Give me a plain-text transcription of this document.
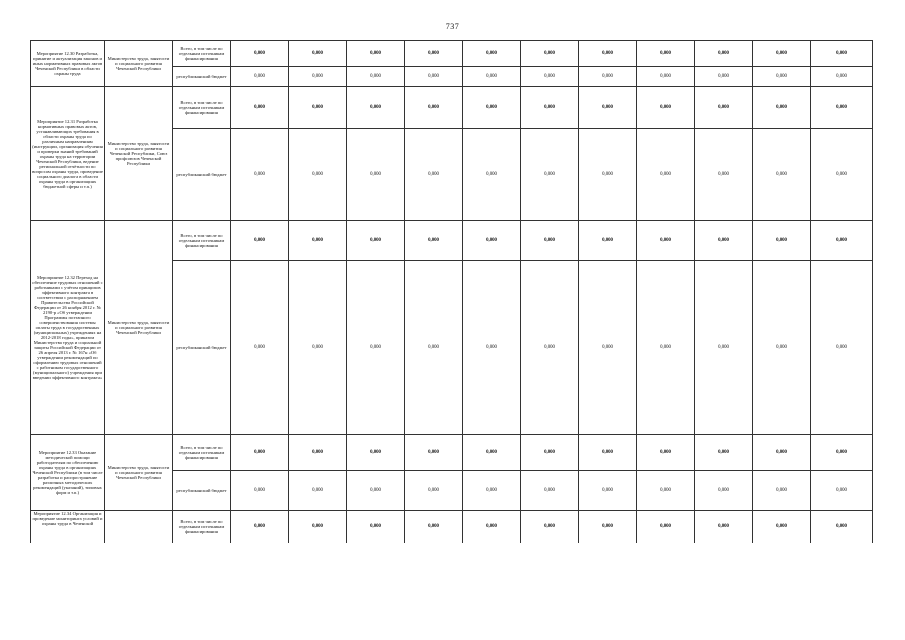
737
Мероприятие 12.30 Разработка, принятие и актуализация законов и иных нормативных правовых актов Чеченской Республики в области охраны труда	Министерство труда, занятости и социального развития Чеченской Республики	Всего, в том числе по отдельным источникам финансирования	0,000	0,000	0,000	0,000	0,000	0,000	0,000	0,000	0,000	0,000	0,000
		республиканский бюджет	0,000	0,000	0,000	0,000	0,000	0,000	0,000	0,000	0,000	0,000	0,000
Мероприятие 12.31 Разработка нормативных правовых актов, устанавливающих требования в области охраны труда по различным направлениям (инструкции, организация обучения и проверки знаний требований охраны труда на территории Чеченской Республики, ведение региональной отчётности по вопросам охраны труда, проведение социального диалога в области охраны труда в организациях бюджетной сферы и т.п.)	Министерство труда, занятости и социального развития Чеченской Республики, Союз профсоюзов Чеченской Республики	Всего, в том числе по отдельным источникам финансирования	0,000	0,000	0,000	0,000	0,000	0,000	0,000	0,000	0,000	0,000	0,000
		республиканский бюджет	0,000	0,000	0,000	0,000	0,000	0,000	0,000	0,000	0,000	0,000	0,000
Мероприятие 12.32 Переход на обеспечение трудовых отношений с работниками с учётом принципов эффективного контракта в соответствии с распоряжением Правительства Российской Федерации от 26 ноября 2012 г. № 2190-р «Об утверждении Программы поэтапного совершенствования системы оплаты труда в государственных (муниципальных) учреждениях на 2012-2018 годы», приказом Министерства труда и социальной защиты Российской Федерации от 26 апреля 2013 г. № 167н «Об утверждении рекомендаций по оформлению трудовых отношений с работником государственного (муниципального) учреждения при введении эффективного контракта»	Министерство труда, занятости и социального развития Чеченской Республики	Всего, в том числе по отдельным источникам финансирования	0,000	0,000	0,000	0,000	0,000	0,000	0,000	0,000	0,000	0,000	0,000
		республиканский бюджет	0,000	0,000	0,000	0,000	0,000	0,000	0,000	0,000	0,000	0,000	0,000
Мероприятие 12.33 Оказание методической помощи работодателям по обеспечению охраны труда в организациях Чеченской Республики (в том числе разработка и распространение различных методических рекомендаций (указаний), типовых форм и т.п.)	Министерство труда, занятости и социального развития Чеченской Республики	Всего, в том числе по отдельным источникам финансирования	0,000	0,000	0,000	0,000	0,000	0,000	0,000	0,000	0,000	0,000	0,000
		республиканский бюджет	0,000	0,000	0,000	0,000	0,000	0,000	0,000	0,000	0,000	0,000	0,000
Мероприятие 12.34 Организация и проведение мониторинга условий и охраны труда в Чеченской		Всего, в том числе по отдельным источникам финансирования	0,000	0,000	0,000	0,000	0,000	0,000	0,000	0,000	0,000	0,000	0,000
